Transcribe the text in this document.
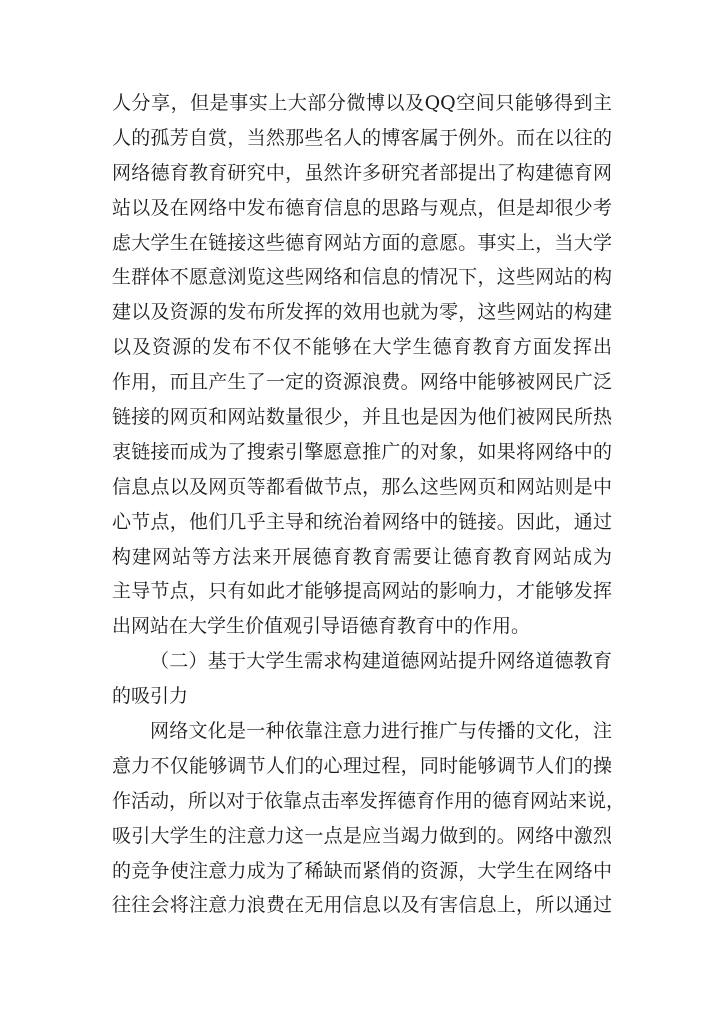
人分享，但是事实上大部分微博以及QQ空间只能够得到主
人的孤芳自赏，当然那些名人的博客属于例外。而在以往的
网络德育教育研究中，虽然许多研究者部提出了构建德育网
站以及在网络中发布德育信息的思路与观点，但是却很少考
虑大学生在链接这些德育网站方面的意愿。事实上，当大学
生群体不愿意浏览这些网络和信息的情况下，这些网站的构
建以及资源的发布所发挥的效用也就为零，这些网站的构建
以及资源的发布不仅不能够在大学生德育教育方面发挥出
作用，而且产生了一定的资源浪费。网络中能够被网民广泛
链接的网页和网站数量很少，并且也是因为他们被网民所热
衷链接而成为了搜索引擎愿意推广的对象，如果将网络中的
信息点以及网页等都看做节点，那么这些网页和网站则是中
心节点，他们几乎主导和统治着网络中的链接。因此，通过
构建网站等方法来开展德育教育需要让德育教育网站成为
主导节点，只有如此才能够提高网站的影响力，才能够发挥
出网站在大学生价值观引导语德育教育中的作用。
（二）基于大学生需求构建道德网站提升网络道德教育
的吸引力
网络文化是一种依靠注意力进行推广与传播的文化，注
意力不仅能够调节人们的心理过程，同时能够调节人们的操
作活动，所以对于依靠点击率发挥德育作用的德育网站来说，
吸引大学生的注意力这一点是应当竭力做到的。网络中激烈
的竞争使注意力成为了稀缺而紧俏的资源，大学生在网络中
往往会将注意力浪费在无用信息以及有害信息上，所以通过
